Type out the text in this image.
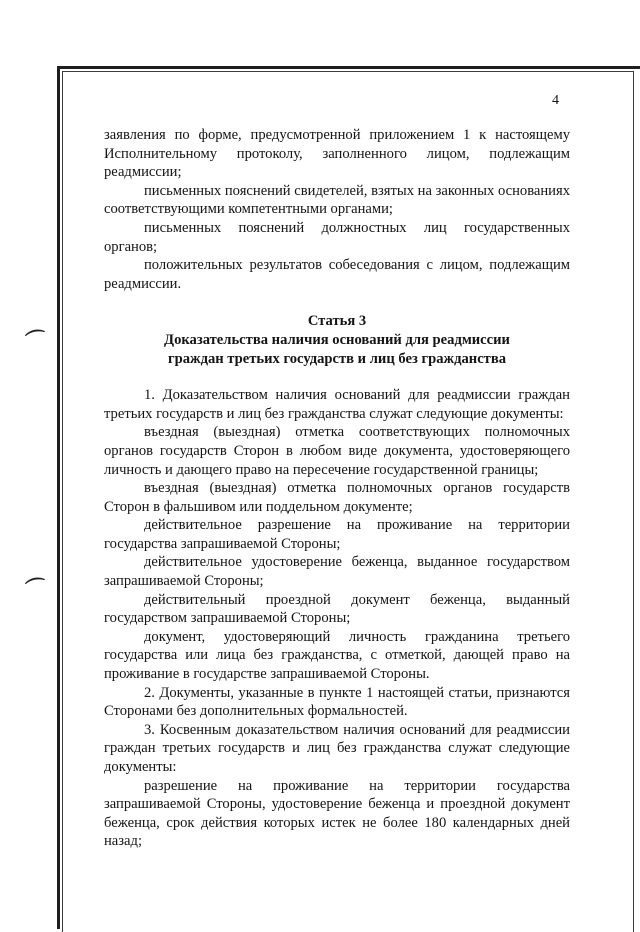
⌒
⌒
4

заявления по форме, предусмотренной приложением 1 к настоящему Исполнительному протоколу, заполненного лицом, подлежащим реадмиссии;

письменных пояснений свидетелей, взятых на законных основаниях соответствующими компетентными органами;

письменных пояснений должностных лиц государственных органов;

положительных результатов собеседования с лицом, подлежащим реадмиссии.

Статья 3

Доказательства наличия оснований для реадмиссии

граждан третьих государств и лиц без гражданства

1. Доказательством наличия оснований для реадмиссии граждан третьих государств и лиц без гражданства служат следующие документы:

въездная (выездная) отметка соответствующих полномочных органов государств Сторон в любом виде документа, удостоверяющего личность и дающего право на пересечение государственной границы;

въездная (выездная) отметка полномочных органов государств Сторон в фальшивом или поддельном документе;

действительное разрешение на проживание на территории государства запрашиваемой Стороны;

действительное удостоверение беженца, выданное государством запрашиваемой Стороны;

действительный проездной документ беженца, выданный государством запрашиваемой Стороны;

документ, удостоверяющий личность гражданина третьего государства или лица без гражданства, с отметкой, дающей право на проживание в государстве запрашиваемой Стороны.

2. Документы, указанные в пункте 1 настоящей статьи, признаются Сторонами без дополнительных формальностей.

3. Косвенным доказательством наличия оснований для реадмиссии граждан третьих государств и лиц без гражданства служат следующие документы:

разрешение на проживание на территории государства запрашиваемой Стороны, удостоверение беженца и проездной документ беженца, срок действия которых истек не более 180 календарных дней назад;
